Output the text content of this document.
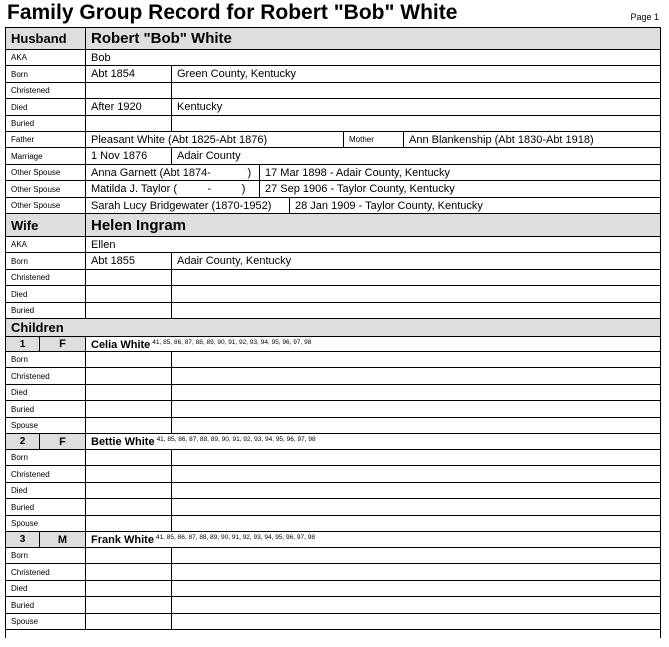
Family Group Record for Robert "Bob" White	Page 1
Husband	Robert "Bob" White
AKA	Bob
Born	Abt 1854	Green County, Kentucky
Christened
Died	After 1920	Kentucky
Buried
Father	Pleasant White (Abt 1825-Abt 1876)	Mother	Ann Blankenship (Abt 1830-Abt 1918)
Marriage	1 Nov 1876	Adair County
Other Spouse	Anna Garnett (Abt 1874-            )	17 Mar 1898 - Adair County, Kentucky
Other Spouse	Matilda J. Taylor (          -          )	27 Sep 1906 - Taylor County, Kentucky
Other Spouse	Sarah Lucy Bridgewater (1870-1952)	28 Jan 1909 - Taylor County, Kentucky
Wife	Helen Ingram
AKA	Ellen
Born	Abt 1855	Adair County, Kentucky
Christened
Died
Buried
Children
1	F	Celia White $^{41, 85, 86, 87, 88, 89, 90, 91, 92, 93, 94, 95, 96, 97, 98}$
Born
Christened
Died
Buried
Spouse
2	F	Bettie White $^{41, 85, 86, 87, 88, 89, 90, 91, 92, 93, 94, 95, 96, 97, 98}$
Born
Christened
Died
Buried
Spouse
3	M	Frank White $^{41, 85, 86, 87, 88, 89, 90, 91, 92, 93, 94, 95, 96, 97, 98}$
Born
Christened
Died
Buried
Spouse
